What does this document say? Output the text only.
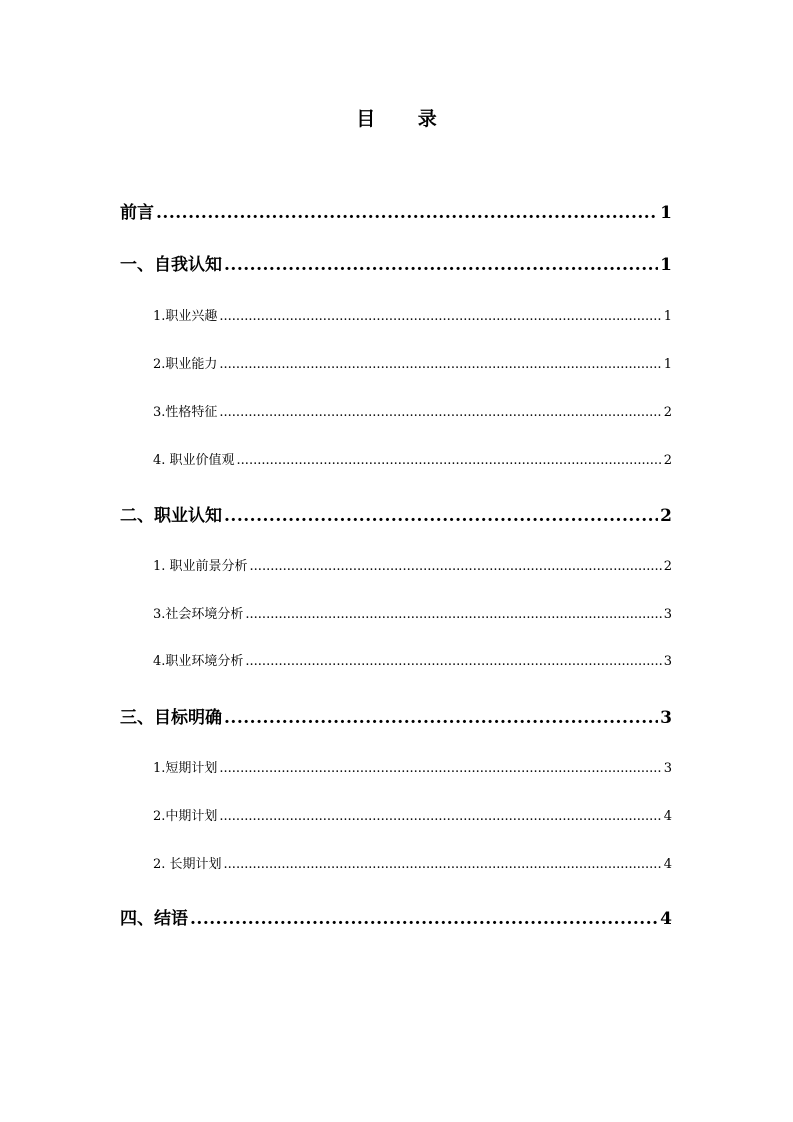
目 录
前言 .....	1
一、 自我认知 .....	1
1.职业兴趣 .....	1
2.职业能力 .....	1
3.性格特征 .....	2
4. 职业价值观 .....	2
二、 职业认知 .....	2
1. 职业前景分析 .....	2
3.社会环境分析 .....	3
4.职业环境分析 .....	3
三、 目标明确 .....	3
1.短期计划 .....	3
2.中期计划 .....	4
2. 长期计划 .....	4
四、 结语 .....	4
